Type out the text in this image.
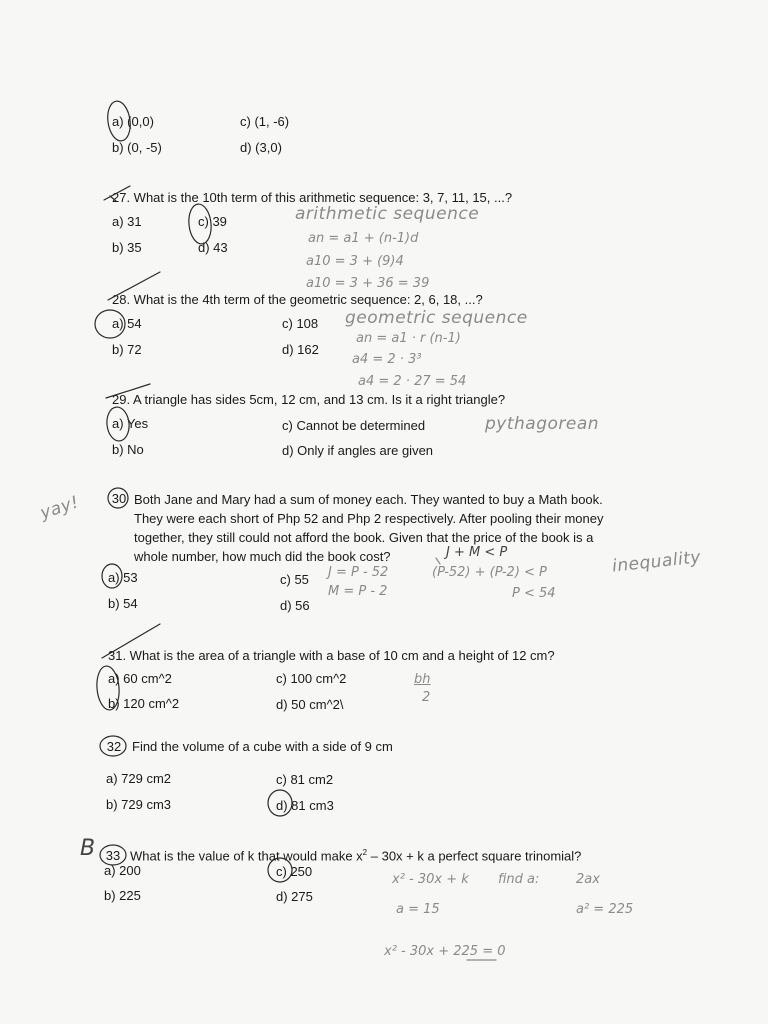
a) (0,0)
b) (0, -5)
c) (1, -6)
d) (3,0)
27. What is the 10th term of this arithmetic sequence: 3, 7, 11, 15, ...?
a) 31
b) 35
c) 39
d) 43
arithmetic sequence
an = a1 + (n-1)d
a10 = 3 + (9)4
a10 = 3 + 36 = 39
28. What is the 4th term of the geometric sequence: 2, 6, 18, ...?
a) 54
b) 72
c) 108
d) 162
geometric sequence
an = a1 · r (n-1)
a4 = 2 · 3³
a4 = 2 · 27 = 54
29. A triangle has sides 5cm, 12 cm, and 13 cm. Is it a right triangle?
a) Yes
b) No
c) Cannot be determined
d) Only if angles are given
pythagorean
30 Both Jane and Mary had a sum of money each. They wanted to buy a Math book.
They were each short of Php 52 and Php 2 respectively. After pooling their money
together, they still could not afford the book. Given that the price of the book is a
whole number, how much did the book cost?
a) 53
b) 54
c) 55
d) 56
yay!
J + M < P	inequality
J = P - 52
M = P - 2
(P-52) + (P-2) < P
P < 54
31. What is the area of a triangle with a base of 10 cm and a height of 12 cm?
a) 60 cm^2
b) 120 cm^2
c) 100 cm^2
d) 50 cm^2\
bh
2
32 Find the volume of a cube with a side of 9 cm
a) 729 cm2
b) 729 cm3
c) 81 cm2
d) 81 cm3
B 33 What is the value of k that would make $x^2 - 30x + k$ a perfect square trinomial?
a) 200
b) 225
c) 250
d) 275
x² - 30x + k find a:	2ax
a = 15	a² = 225
x² - 30x + 225 = 0
